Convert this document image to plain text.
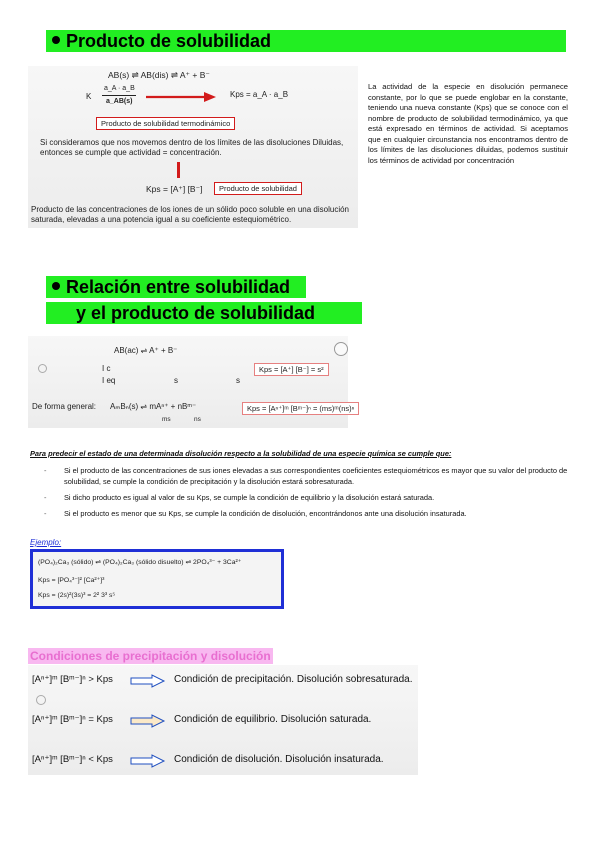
Producto de solubilidad
AB(s) ⇌ AB(dis) ⇌ A⁺ + B⁻
K
a_A · a_B
a_AB(s)
Kps = a_A · a_B
Producto de solubilidad termodinámico
Si consideramos que nos movemos dentro de los límites de las disoluciones Diluidas, entonces se cumple que actividad = concentración.
Kps = [A⁺] [B⁻]	Producto de solubilidad
Producto de las concentraciones de los iones de un sólido poco soluble en una disolución saturada, elevadas a una potencia igual a su coeficiente estequiométrico.
La actividad de la especie en disolución permanece constante, por lo que se puede englobar en la constante, teniendo una nueva constante (Kps) que se conoce con el nombre de producto de solubilidad termodinámico, ya que está expresado en términos de actividad. Si aceptamos que en cualquier circunstancia nos encontramos dentro de los límites de las disoluciones diluidas, podemos sustituir los términos de actividad por concentración
Relación entre solubilidad
y el producto de solubilidad
AB(ac) ⇌ A⁺ + B⁻
I c
I eq	s	s
Kps = [A⁺] [B⁻] = s²
De forma general: AₘBₙ(s) ⇌ mAⁿ⁺ + nBᵐ⁻
ms	ns
Kps = [Aⁿ⁺]ᵐ [Bᵐ⁻]ⁿ = (ms)ᵐ(ns)ⁿ
Para predecir el estado de una determinada disolución respecto a la solubilidad de una especie química se cumple que:
- Si el producto de las concentraciones de sus iones elevadas a sus correspondientes coeficientes estequiométricos es mayor que su valor del producto de solubilidad, se cumple la condición de precipitación y la disolución estará sobresaturada.
- Si dicho producto es igual al valor de su Kps, se cumple la condición de equilibrio y la disolución estará saturada.
- Si el producto es menor que su Kps, se cumple la condición de disolución, encontrándonos ante una disolución insaturada.
Ejemplo:
(PO₄)₂Ca₃ (sólido) ⇌ (PO₄)₂Ca₃ (sólido disuelto) ⇌ 2PO₄³⁻ + 3Ca²⁺
Kps = [PO₄³⁻]² [Ca²⁺]³
Kps = (2s)²(3s)³ = 2² 3³ s⁵
Condiciones de precipitación y disolución
[Aⁿ⁺]ᵐ [Bᵐ⁻]ⁿ > Kps	Condición de precipitación. Disolución sobresaturada.
[Aⁿ⁺]ᵐ [Bᵐ⁻]ⁿ = Kps	Condición de equilibrio. Disolución saturada.
[Aⁿ⁺]ᵐ [Bᵐ⁻]ⁿ < Kps	Condición de disolución. Disolución insaturada.
